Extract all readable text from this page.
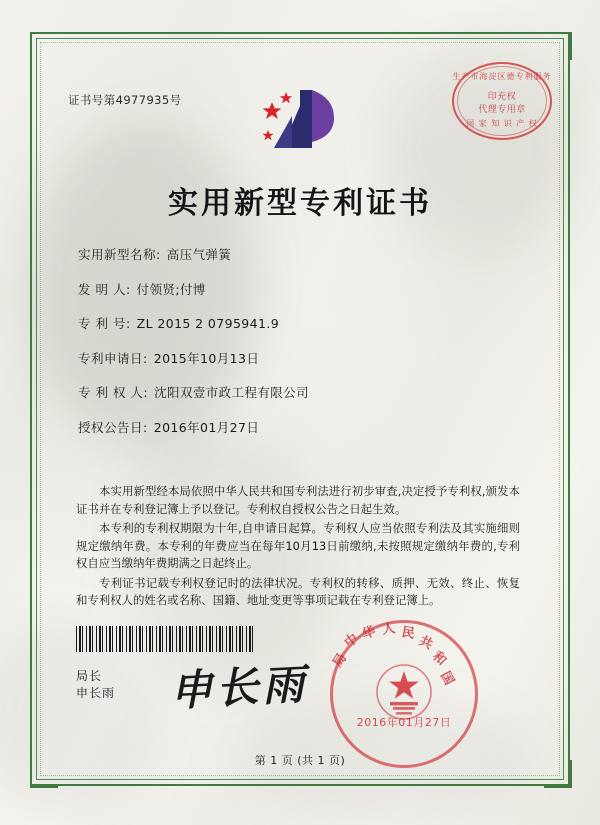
证书号第4977935号
生产市海淀区德专利服务
印充权
代理专用章
国 家 知 识 产 权
实用新型专利证书
实用新型名称: 高压气弹簧
发 明 人: 付领贤;付博
专 利 号: ZL 2015 2 0795941.9
专利申请日: 2015年10月13日
专 利 权 人: 沈阳双壹市政工程有限公司
授权公告日: 2016年01月27日

本实用新型经本局依照中华人民共和国专利法进行初步审查,决定授予专利权,颁发本证书并在专利登记簿上予以登记。专利权自授权公告之日起生效。

本专利的专利权期限为十年,自申请日起算。专利权人应当依照专利法及其实施细则规定缴纳年费。本专利的年费应当在每年10月13日前缴纳,未按照规定缴纳年费的,专利权自应当缴纳年费期满之日起终止。

专利证书记载专利权登记时的法律状况。专利权的转移、质押、无效、终止、恢复和专利权人的姓名或名称、国籍、地址变更等事项记载在专利登记簿上。

局长
申长雨 申长雨
中
华 人 民
共
和
国
局
2016年01月27日
第 1 页 (共 1 页)
